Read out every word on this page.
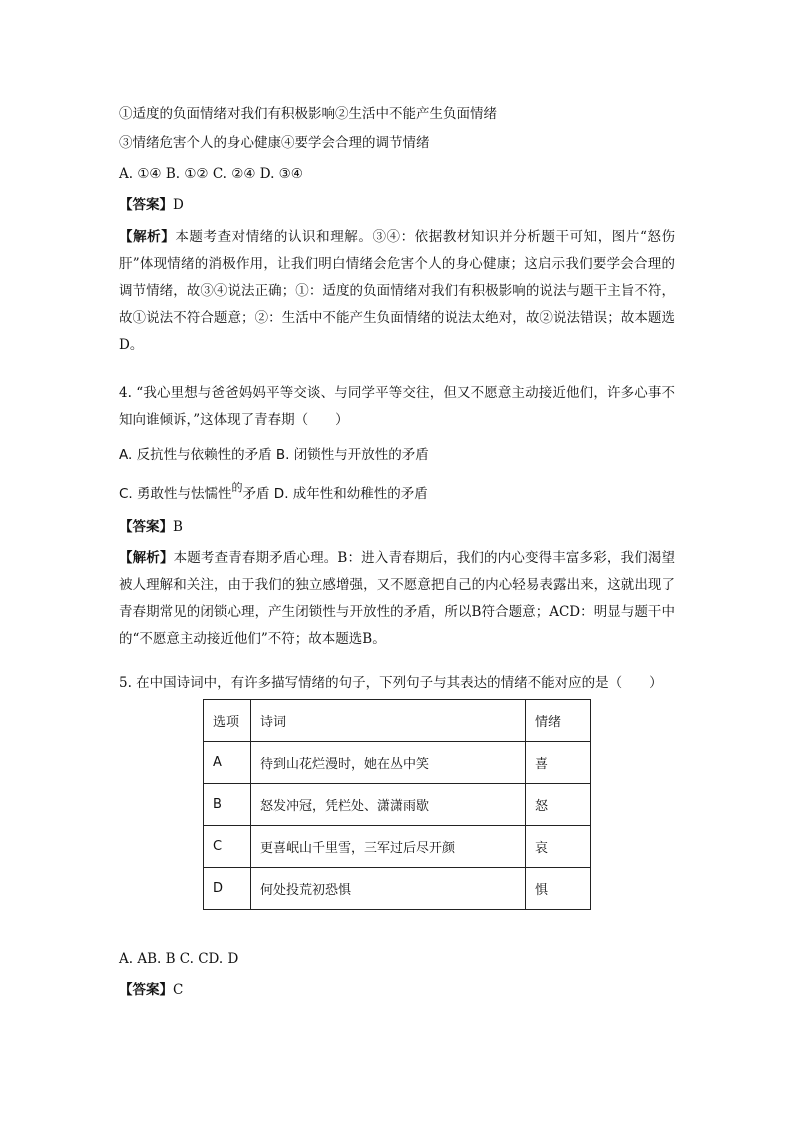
①适度的负面情绪对我们有积极影响②生活中不能产生负面情绪
③情绪危害个人的身心健康④要学会合理的调节情绪
A. ①④ B. ①② C. ②④ D. ③④
【答案】D
【解析】本题考查对情绪的认识和理解。③④：依据教材知识并分析题干可知，图片“怒伤肝”体现情绪的消极作用，让我们明白情绪会危害个人的身心健康；这启示我们要学会合理的调节情绪，故③④说法正确；①：适度的负面情绪对我们有积极影响的说法与题干主旨不符，故①说法不符合题意；②：生活中不能产生负面情绪的说法太绝对，故②说法错误；故本题选D。
4. “我心里想与爸爸妈妈平等交谈、与同学平等交往，但又不愿意主动接近他们，许多心事不知向谁倾诉，”这体现了青春期（　　）
A. 反抗性与依赖性的矛盾 B. 闭锁性与开放性的矛盾
C. 勇敢性与怯懦性$^的$矛盾 D. 成年性和幼稚性的矛盾
【答案】B
【解析】本题考查青春期矛盾心理。B：进入青春期后，我们的内心变得丰富多彩，我们渴望被人理解和关注，由于我们的独立感增强，又不愿意把自己的内心轻易表露出来，这就出现了青春期常见的闭锁心理，产生闭锁性与开放性的矛盾，所以B符合题意；ACD：明显与题干中的“不愿意主动接近他们”不符；故本题选B。
5. 在中国诗词中，有许多描写情绪的句子，下列句子与其表达的情绪不能对应的是（　　）
选项	诗词	情绪
A	待到山花烂漫时，她在丛中笑	喜
B	怒发冲冠，凭栏处、潇潇雨歇	怒
C	更喜岷山千里雪，三军过后尽开颜	哀
D	何处投荒初恐惧	惧
A. AB. B C. CD. D
【答案】C
